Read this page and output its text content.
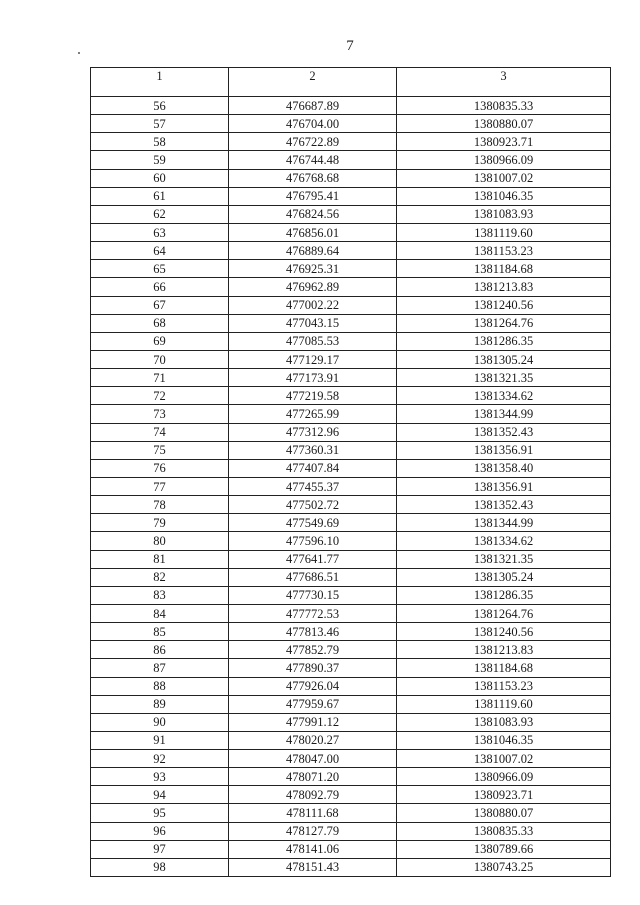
7
1	2	3
56	476687.89	1380835.33
57	476704.00	1380880.07
58	476722.89	1380923.71
59	476744.48	1380966.09
60	476768.68	1381007.02
61	476795.41	1381046.35
62	476824.56	1381083.93
63	476856.01	1381119.60
64	476889.64	1381153.23
65	476925.31	1381184.68
66	476962.89	1381213.83
67	477002.22	1381240.56
68	477043.15	1381264.76
69	477085.53	1381286.35
70	477129.17	1381305.24
71	477173.91	1381321.35
72	477219.58	1381334.62
73	477265.99	1381344.99
74	477312.96	1381352.43
75	477360.31	1381356.91
76	477407.84	1381358.40
77	477455.37	1381356.91
78	477502.72	1381352.43
79	477549.69	1381344.99
80	477596.10	1381334.62
81	477641.77	1381321.35
82	477686.51	1381305.24
83	477730.15	1381286.35
84	477772.53	1381264.76
85	477813.46	1381240.56
86	477852.79	1381213.83
87	477890.37	1381184.68
88	477926.04	1381153.23
89	477959.67	1381119.60
90	477991.12	1381083.93
91	478020.27	1381046.35
92	478047.00	1381007.02
93	478071.20	1380966.09
94	478092.79	1380923.71
95	478111.68	1380880.07
96	478127.79	1380835.33
97	478141.06	1380789.66
98	478151.43	1380743.25
